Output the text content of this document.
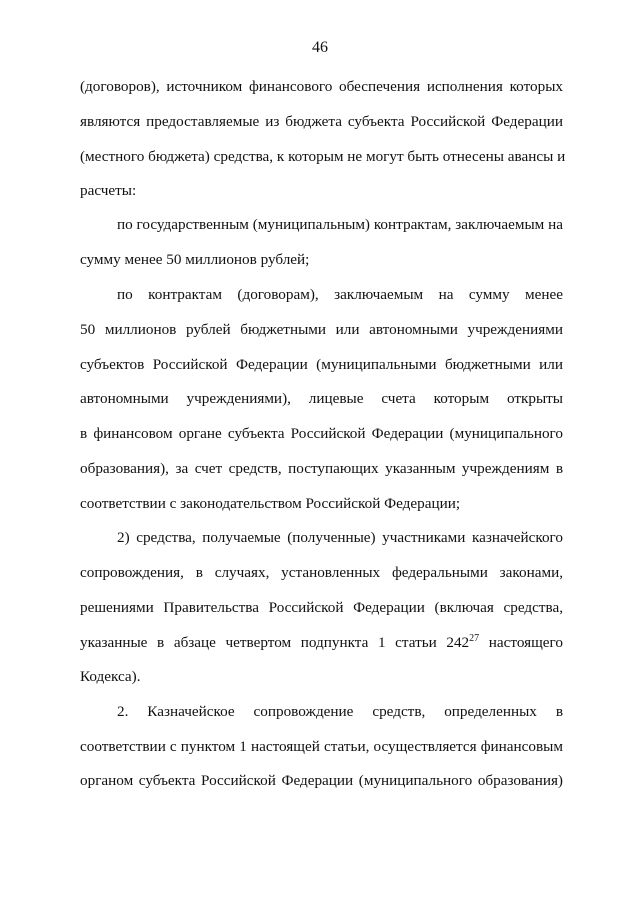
46
(договоров), источником финансового обеспечения исполнения которых
являются предоставляемые из бюджета субъекта Российской Федерации
(местного бюджета) средства, к которым не могут быть отнесены авансы и
расчеты:
по государственным (муниципальным) контрактам, заключаемым на
сумму менее 50 миллионов рублей;
по контрактам (договорам), заключаемым на сумму менее
50 миллионов рублей бюджетными или автономными учреждениями
субъектов Российской Федерации (муниципальными бюджетными или
автономными учреждениями), лицевые счета которым открыты
в финансовом органе субъекта Российской Федерации (муниципального
образования), за счет средств, поступающих указанным учреждениям в
соответствии с законодательством Российской Федерации;
2) средства, получаемые (полученные) участниками казначейского
сопровождения, в случаях, установленных федеральными законами,
решениями Правительства Российской Федерации (включая средства,
указанные в абзаце четвертом подпункта 1 статьи $242^{27}$ настоящего
Кодекса).
2. Казначейское сопровождение средств, определенных в
соответствии с пунктом 1 настоящей статьи, осуществляется финансовым
органом субъекта Российской Федерации (муниципального образования)
